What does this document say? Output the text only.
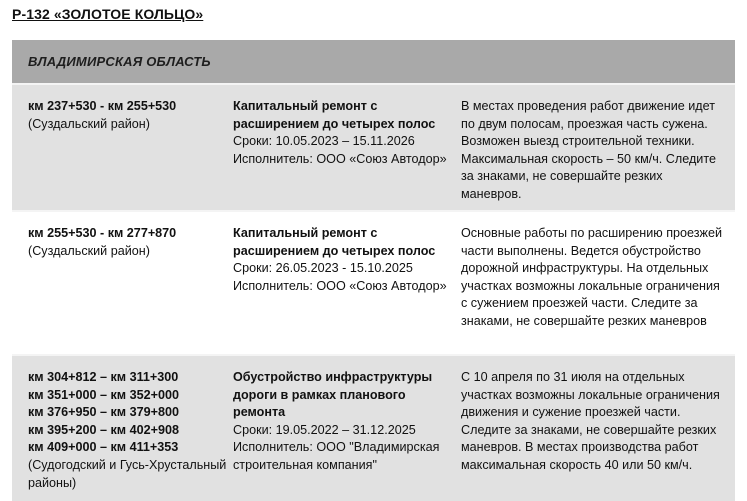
Р-132 «ЗОЛОТОЕ КОЛЬЦО»
ВЛАДИМИРСКАЯ ОБЛАСТЬ
км 237+530 - км 255+530
(Суздальский район)
Капитальный ремонт с расширением до четырех полос
Сроки: 10.05.2023 – 15.11.2026
Исполнитель: ООО «Союз Автодор»
В местах проведения работ движение идет по двум полосам, проезжая часть сужена. Возможен выезд строительной техники. Максимальная скорость – 50 км/ч. Следите за знаками, не совершайте резких маневров.
км 255+530 - км 277+870
(Суздальский район)
Капитальный ремонт с расширением до четырех полос
Сроки: 26.05.2023 - 15.10.2025
Исполнитель: ООО «Союз Автодор»
Основные работы по расширению проезжей части выполнены. Ведется обустройство дорожной инфраструктуры. На отдельных участках возможны локальные ограничения с сужением проезжей части. Следите за знаками, не совершайте резких маневров
км 304+812 – км 311+300
км 351+000 – км 352+000
км 376+950 – км 379+800
км 395+200 – км 402+908
км 409+000 – км 411+353
(Судогодский и Гусь-Хрустальный районы)
Обустройство инфраструктуры дороги в рамках планового ремонта
Сроки: 19.05.2022 – 31.12.2025
Исполнитель: ООО "Владимирская строительная компания"
С 10 апреля по 31 июля на отдельных участках возможны локальные ограничения движения и сужение проезжей части. Следите за знаками, не совершайте резких маневров. В местах производства работ максимальная скорость 40 или 50 км/ч.
